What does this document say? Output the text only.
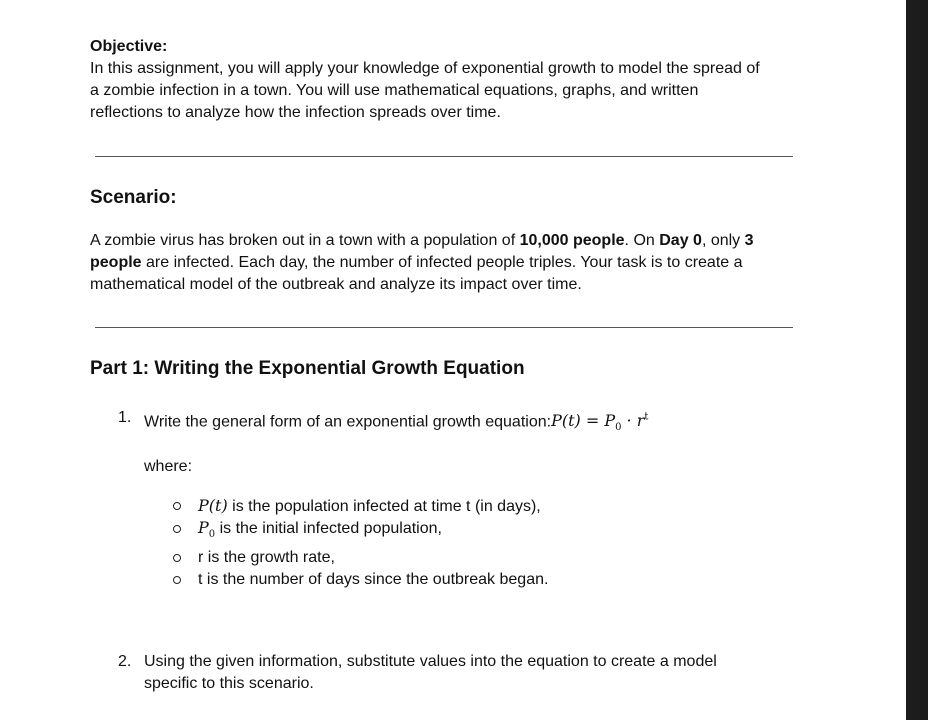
Objective:
In this assignment, you will apply your knowledge of exponential growth to model the spread of
a zombie infection in a town. You will use mathematical equations, graphs, and written
reflections to analyze how the infection spreads over time.
Scenario:
A zombie virus has broken out in a town with a population of 10,000 people. On Day 0, only 3
people are infected. Each day, the number of infected people triples. Your task is to create a
mathematical model of the outbreak and analyze its impact over time.
Part 1: Writing the Exponential Growth Equation
1. Write the general form of an exponential growth equation:P(t) = $P_0 \cdot r^t$
where:
P(t) is the population infected at time t (in days),
$P_0$ is the initial infected population,
r is the growth rate,
t is the number of days since the outbreak began.
2. Using the given information, substitute values into the equation to create a model
specific to this scenario.
